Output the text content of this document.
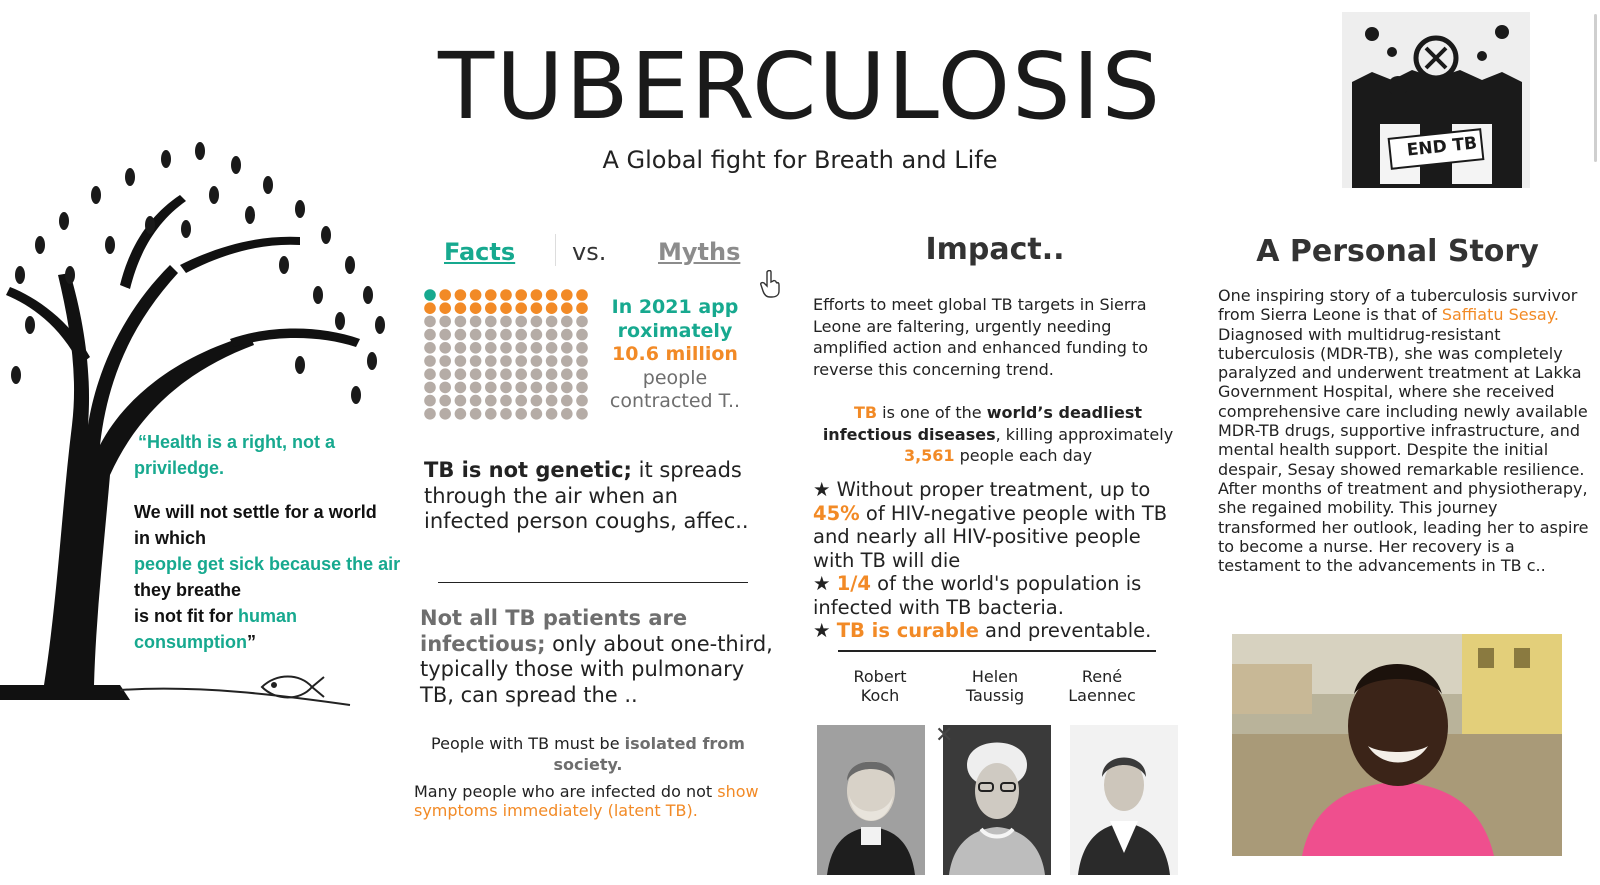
TUBERCULOSIS
A Global fight for Breath and Life	END TB
“Health is a right, not a
priviledge.
We will not settle for a world
in which
people get sick because the air
they breathe
is not fit for human
consumption”
Facts vs. Myths
In 2021 app
roximately
10.6 million
people
contracted T..
TB is not genetic; it spreads through the air when an infected person coughs, affec..
Not all TB patients are infectious; only about one-third, typically those with pulmonary TB, can spread the ..
People with TB must be isolated from society.
Many people who are infected do not show symptoms immediately (latent TB).
Impact..
Efforts to meet global TB targets in Sierra Leone are faltering, urgently needing amplified action and enhanced funding to reverse this concerning trend.
TB is one of the world’s deadliest infectious diseases, killing approximately 3,561 people each day
★ Without proper treatment, up to 45% of HIV-negative people with TB and nearly all HIV-positive people with TB will die
★ 1/4 of the world's population is infected with TB bacteria.
★ TB is curable and preventable.
Robert
Koch
Helen
Taussig
René
Laennec
✕
A Personal Story
One inspiring story of a tuberculosis survivor from Sierra Leone is that of Saffiatu Sesay. Diagnosed with multidrug-resistant tuberculosis (MDR-TB), she was completely paralyzed and underwent treatment at Lakka Government Hospital, where she received comprehensive care including newly available MDR-TB drugs, supportive infrastructure, and mental health support. Despite the initial despair, Sesay showed remarkable resilience. After months of treatment and physiotherapy, she regained mobility. This journey transformed her outlook, leading her to aspire to become a nurse. Her recovery is a testament to the advancements in TB c..
